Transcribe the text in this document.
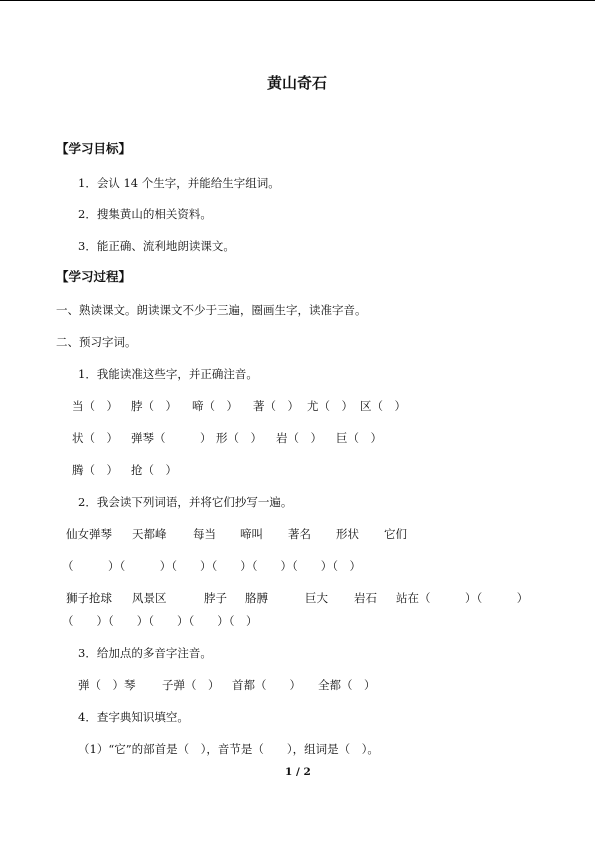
黄山奇石
【学习目标】
1．会认 14 个生字，并能给生字组词。
2．搜集黄山的相关资料。
3．能正确、流利地朗读课文。
【学习过程】
一、熟读课文。朗读课文不少于三遍，圈画生字，读准字音。
二、预习字词。
1．我能读准这些字，并正确注音。
当（　） 脖（　） 啼（　） 著（　） 尤（　） 区（　）
状（　） 弹琴（　　　） 形（　） 岩（　） 巨（　）
腾（　） 抢（　）
2．我会读下列词语，并将它们抄写一遍。
仙女弹琴 天都峰 每当 啼叫 著名 形状 它们
（　　　）（　　　）（　　）（　　）（　　）（　　）（　）
狮子抢球 风景区	脖子 胳膊	巨大 岩石 站在（　　　）（　　　）
（　　）（　　）（　　）（　　）（　）
3．给加点的多音字注音。
弹（　）琴 子弹（　） 首都（　　） 全都（　）
4．查字典知识填空。
（1）“它”的部首是（　），音节是（　　），组词是（　）。
1 / 2
